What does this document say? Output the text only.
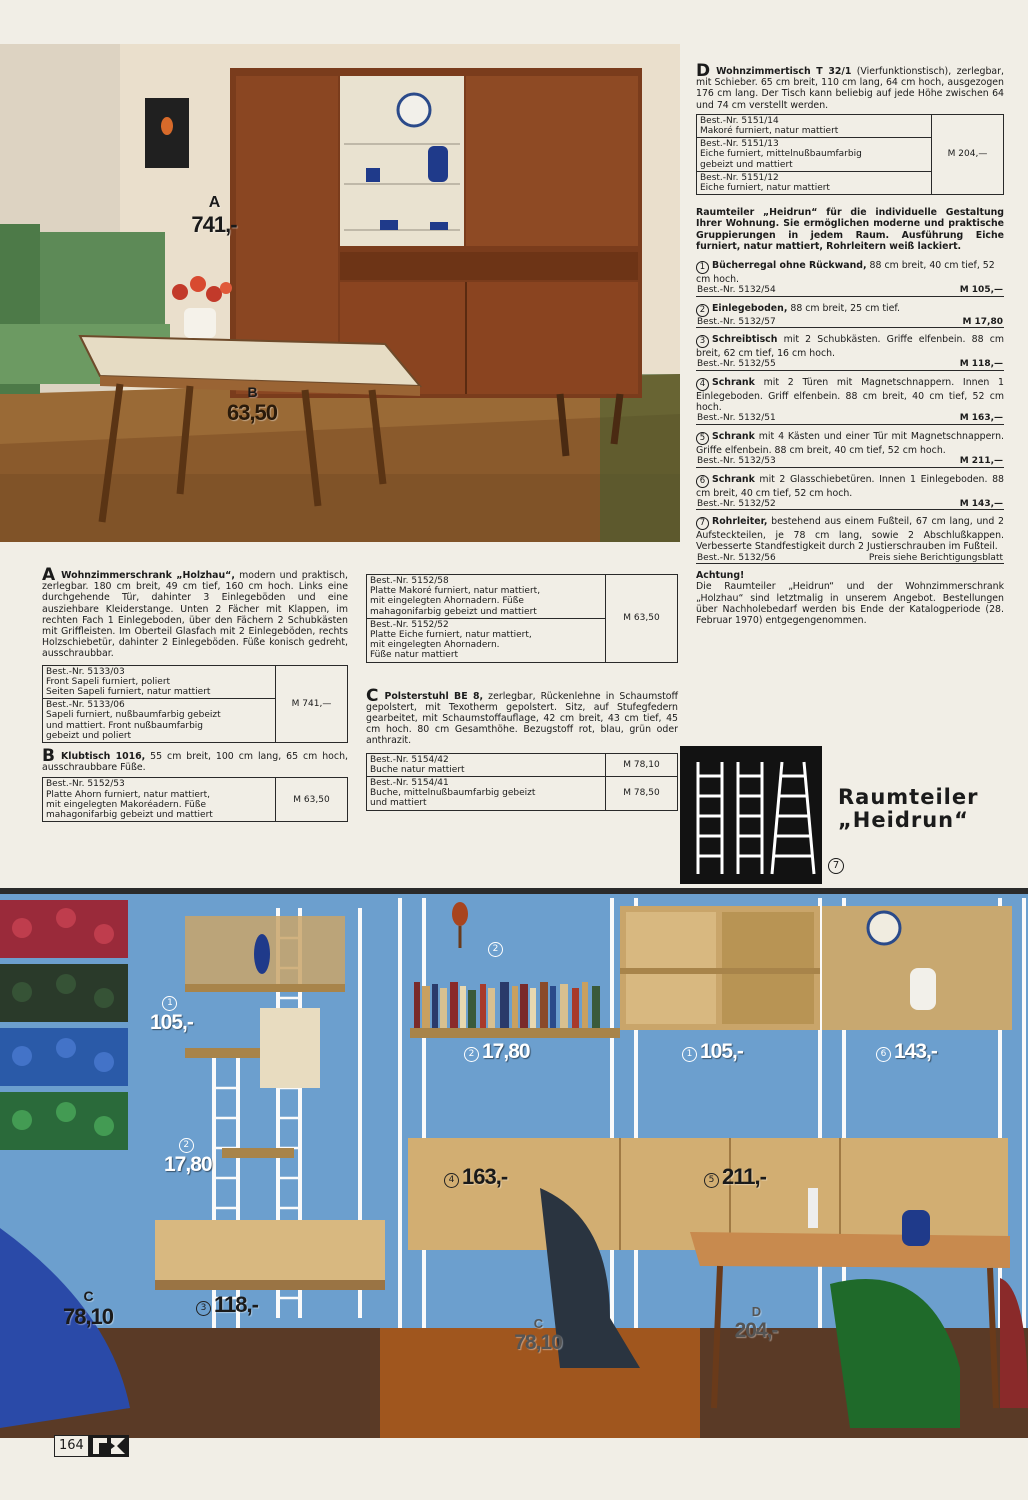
A
741,-
B
63,50

A Wohnzimmerschrank „Holzhau“, modern und praktisch, zerlegbar. 180 cm breit, 49 cm tief, 160 cm hoch. Links eine durchgehende Tür, dahinter 3 Einlegeböden und eine ausziehbare Kleiderstange. Unten 2 Fächer mit Klappen, im rechten Fach 1 Einlegeboden, über den Fächern 2 Schubkästen mit Griffleisten. Im Oberteil Glasfach mit 2 Einlegeböden, rechts Holzschiebetür, dahinter 2 Einlegeböden. Füße konisch gedreht, ausschraubbar.

Best.-Nr. 5133/03
Front Sapeli furniert, poliert
Seiten Sapeli furniert, natur mattiert
	M 741,—

Best.-Nr. 5133/06
Sapeli furniert, nußbaumfarbig gebeizt
und mattiert. Front nußbaumfarbig
gebeizt und poliert

B Klubtisch 1016, 55 cm breit, 100 cm lang, 65 cm hoch, ausschraubbare Füße.

Best.-Nr. 5152/53
Platte Ahorn furniert, natur mattiert,
mit eingelegten Makoréadern. Füße
mahagonifarbig gebeizt und mattiert
	M 63,50
Best.-Nr. 5152/58
Platte Makoré furniert, natur mattiert,
mit eingelegten Ahornadern. Füße
mahagonifarbig gebeizt und mattiert
	M 63,50

Best.-Nr. 5152/52
Platte Eiche furniert, natur mattiert,
mit eingelegten Ahornadern.
Füße natur mattiert

C Polsterstuhl BE 8, zerlegbar, Rückenlehne in Schaumstoff gepolstert, mit Texotherm gepolstert. Sitz, auf Stufegfedern gearbeitet, mit Schaumstoffauflage, 42 cm breit, 43 cm tief, 45 cm hoch. 80 cm Gesamthöhe. Bezugstoff rot, blau, grün oder anthrazit.

Best.-Nr. 5154/42
Buche natur mattiert	M 78,10

Best.-Nr. 5154/41
Buche, mittelnußbaumfarbig gebeizt
und mattiert	M 78,50

D Wohnzimmertisch T 32/1 (Vierfunktionstisch), zerlegbar, mit Schieber. 65 cm breit, 110 cm lang, 64 cm hoch, ausgezogen 176 cm lang. Der Tisch kann beliebig auf jede Höhe zwischen 64 und 74 cm verstellt werden.

Best.-Nr. 5151/14
Makoré furniert, natur mattiert
	M 204,—

Best.-Nr. 5151/13
Eiche furniert, mittelnußbaumfarbig
gebeizt und mattiert

Best.-Nr. 5151/12
Eiche furniert, natur mattiert

Raumteiler „Heidrun“ für die individuelle Gestaltung Ihrer Wohnung. Sie ermöglichen moderne und praktische Gruppierungen in jedem Raum. Ausführung Eiche furniert, natur mattiert, Rohrleitern weiß lackiert.

1 Bücherregal ohne Rückwand, 88 cm breit, 40 cm tief, 52 cm hoch.

Best.-Nr. 5132/54	M 105,—

2 Einlegeboden, 88 cm breit, 25 cm tief.

Best.-Nr. 5132/57	M 17,80

3 Schreibtisch mit 2 Schubkästen. Griffe elfenbein. 88 cm breit, 62 cm tief, 16 cm hoch.

Best.-Nr. 5132/55	M 118,—

4 Schrank mit 2 Türen mit Magnetschnappern. Innen 1 Einlegeboden. Griff elfenbein. 88 cm breit, 40 cm tief, 52 cm hoch.

Best.-Nr. 5132/51	M 163,—

5 Schrank mit 4 Kästen und einer Tür mit Magnetschnappern. Griffe elfenbein. 88 cm breit, 40 cm tief, 52 cm hoch.

Best.-Nr. 5132/53	M 211,—

6 Schrank mit 2 Glasschiebetüren. Innen 1 Einlegeboden. 88 cm breit, 40 cm tief, 52 cm hoch.

Best.-Nr. 5132/52	M 143,—

7 Rohrleiter, bestehend aus einem Fußteil, 67 cm lang, und 2 Aufsteckteilen, je 78 cm lang, sowie 2 Abschlußkappen. Verbesserte Standfestigkeit durch 2 Justierschrauben im Fußteil.

Best.-Nr. 5132/56	Preis siehe Berichtigungsblatt

Achtung!

Die Raumteiler „Heidrun“ und der Wohnzimmerschrank „Holzhau“ sind letztmalig in unserem Angebot. Bestellungen über Nachholebedarf werden bis Ende der Katalogperiode (28. Februar 1970) entgegengenommen.

Raumteiler
„Heidrun“
7
1
105,-
2
17,80
3 118,-
C
78,10
2
2 17,80	1 105,-	6 143,-
4 163,-	5 211,-
C
78,10
D
204,-
164
